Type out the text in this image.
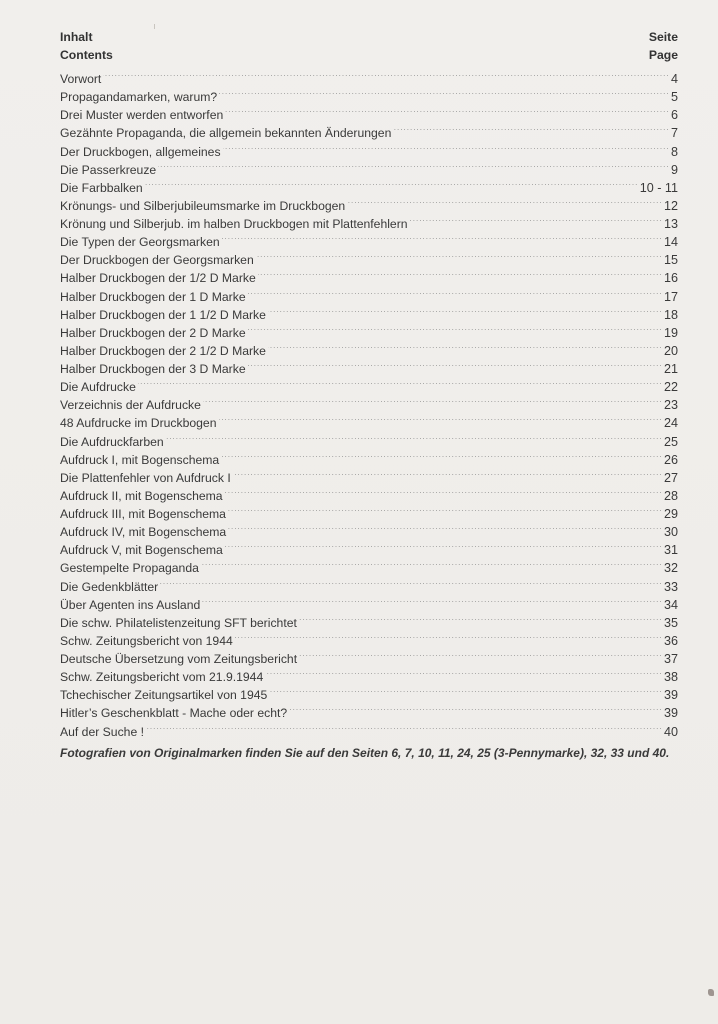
Inhalt	Seite
Contents	Page
Vorwort . . .	4
Propagandamarken, warum? . . .	5
Drei Muster werden entworfen . . .	6
Gezähnte Propaganda, die allgemein bekannten Änderungen . . .	7
Der Druckbogen, allgemeines . . .	8
Die Passerkreuze . . .	9
Die Farbbalken . . .	10 - 11
Krönungs- und Silberjubileumsmarke im Druckbogen . . .	12
Krönung und Silberjub. im halben Druckbogen mit Plattenfehlern . . .	13
Die Typen der Georgsmarken . . .	14
Der Druckbogen der Georgsmarken . . .	15
Halber Druckbogen der 1/2 D Marke . . .	16
Halber Druckbogen der 1 D Marke . . .	17
Halber Druckbogen der 1 1/2 D Marke . . .	18
Halber Druckbogen der 2 D Marke . . .	19
Halber Druckbogen der 2 1/2 D Marke . . .	20
Halber Druckbogen der 3 D Marke . . .	21
Die Aufdrucke . . .	22
Verzeichnis der Aufdrucke . . .	23
48 Aufdrucke im Druckbogen . . .	24
Die Aufdruckfarben . . .	25
Aufdruck I, mit Bogenschema . . .	26
Die Plattenfehler von Aufdruck I . . .	27
Aufdruck II, mit Bogenschema . . .	28
Aufdruck III, mit Bogenschema . . .	29
Aufdruck IV, mit Bogenschema . . .	30
Aufdruck V, mit Bogenschema . . .	31
Gestempelte Propaganda . . .	32
Die Gedenkblätter . . .	33
Über Agenten ins Ausland . . .	34
Die schw. Philatelistenzeitung SFT berichtet . . .	35
Schw. Zeitungsbericht von 1944 . . .	36
Deutsche Übersetzung vom Zeitungsbericht . . .	37
Schw. Zeitungsbericht vom 21.9.1944 . . .	38
Tchechischer Zeitungsartikel von 1945 . . .	39
Hitler’s Geschenkblatt - Mache oder echt? . . .	39
Auf der Suche ! . . .	40
Fotografien von Originalmarken finden Sie auf den Seiten 6, 7, 10, 11, 24, 25 (3-Pennymarke), 32, 33 und 40.
